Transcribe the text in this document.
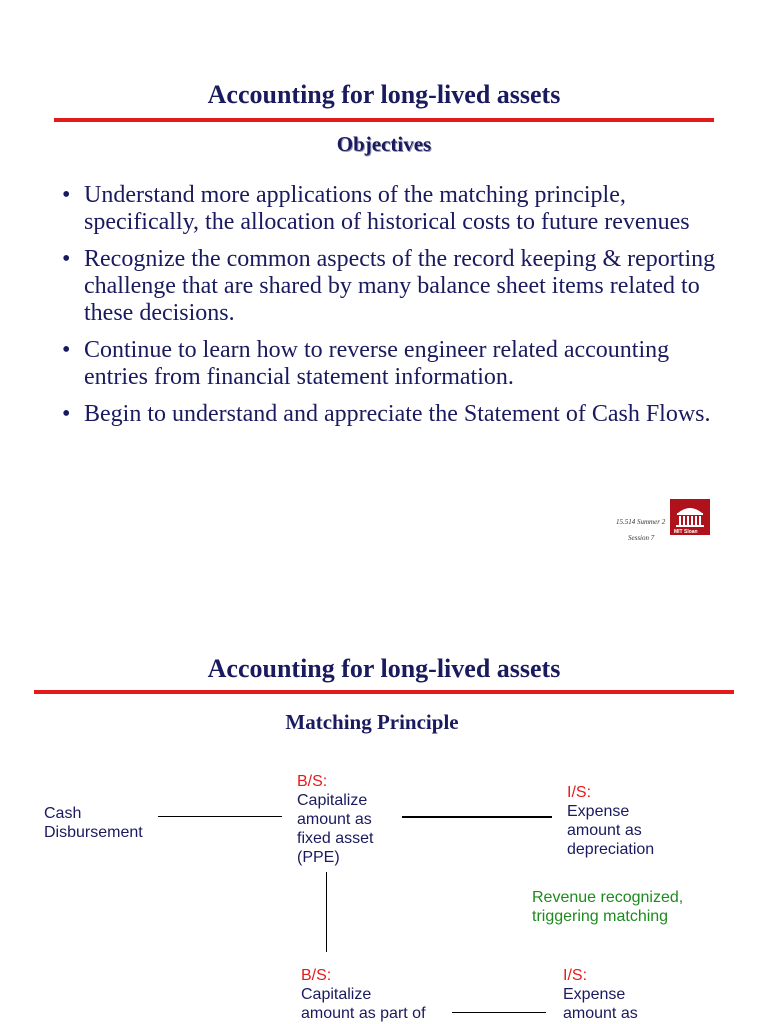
Accounting for long-lived assets
Objectives
• Understand more applications of the matching principle, specifically, the allocation of historical costs to future revenues
• Recognize the common aspects of the record keeping & reporting challenge that are shared by many balance sheet items related to these decisions.
• Continue to learn how to reverse engineer related accounting entries from financial statement information.
• Begin to understand and appreciate the Statement of Cash Flows.
15.514 Summer 2
Session 7
MIT Sloan
Accounting for long-lived assets
Matching Principle
Cash
Disbursement
B/S:
Capitalize
amount as
fixed asset
(PPE)
I/S:
Expense
amount as
depreciation
Revenue recognized,
triggering matching
B/S:
Capitalize
amount as part of
I/S:
Expense
amount as
